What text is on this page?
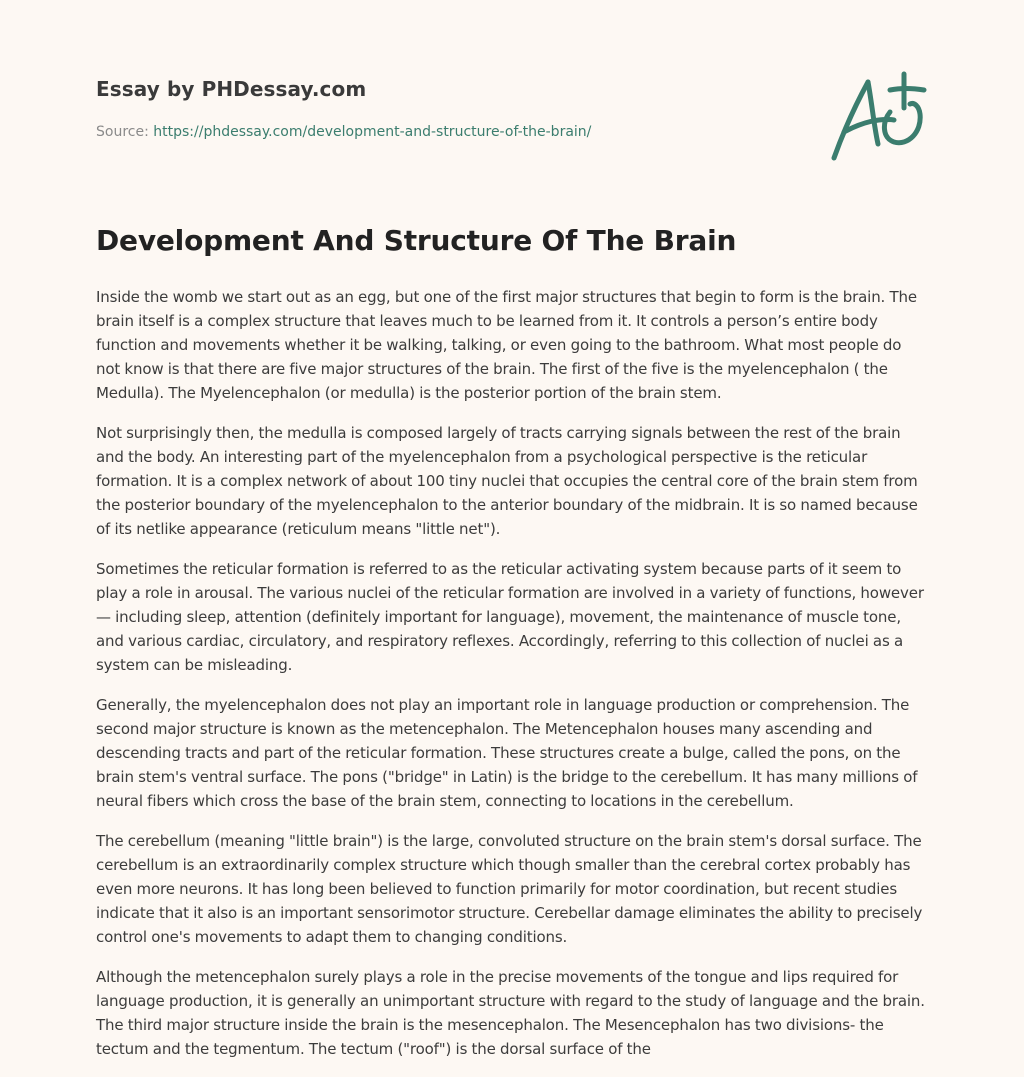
Essay by PHDessay.com
Source: https://phdessay.com/development-and-structure-of-the-brain/
Development And Structure Of The Brain

Inside the womb we start out as an egg, but one of the first major structures that begin to form is the brain. The brain itself is a complex structure that leaves much to be learned from it. It controls a person’s entire body function and movements whether it be walking, talking, or even going to the bathroom. What most people do not know is that there are five major structures of the brain. The first of the five is the myelencephalon ( the Medulla). The Myelencephalon (or medulla) is the posterior portion of the brain stem.

Not surprisingly then, the medulla is composed largely of tracts carrying signals between the rest of the brain and the body. An interesting part of the myelencephalon from a psychological perspective is the reticular formation. It is a complex network of about 100 tiny nuclei that occupies the central core of the brain stem from the posterior boundary of the myelencephalon to the anterior boundary of the midbrain. It is so named because of its netlike appearance (reticulum means "little net").

Sometimes the reticular formation is referred to as the reticular activating system because parts of it seem to play a role in arousal. The various nuclei of the reticular formation are involved in a variety of functions, however — including sleep, attention (definitely important for language), movement, the maintenance of muscle tone, and various cardiac, circulatory, and respiratory reflexes. Accordingly, referring to this collection of nuclei as a system can be misleading.

Generally, the myelencephalon does not play an important role in language production or comprehension. The second major structure is known as the metencephalon. The Metencephalon houses many ascending and descending tracts and part of the reticular formation. These structures create a bulge, called the pons, on the brain stem's ventral surface. The pons ("bridge" in Latin) is the bridge to the cerebellum. It has many millions of neural fibers which cross the base of the brain stem, connecting to locations in the cerebellum.

The cerebellum (meaning "little brain") is the large, convoluted structure on the brain stem's dorsal surface. The cerebellum is an extraordinarily complex structure which though smaller than the cerebral cortex probably has even more neurons. It has long been believed to function primarily for motor coordination, but recent studies indicate that it also is an important sensorimotor structure. Cerebellar damage eliminates the ability to precisely control one's movements to adapt them to changing conditions.

Although the metencephalon surely plays a role in the precise movements of the tongue and lips required for language production, it is generally an unimportant structure with regard to the study of language and the brain. The third major structure inside the brain is the mesencephalon. The Mesencephalon has two divisions- the tectum and the tegmentum. The tectum ("roof") is the dorsal surface of the
